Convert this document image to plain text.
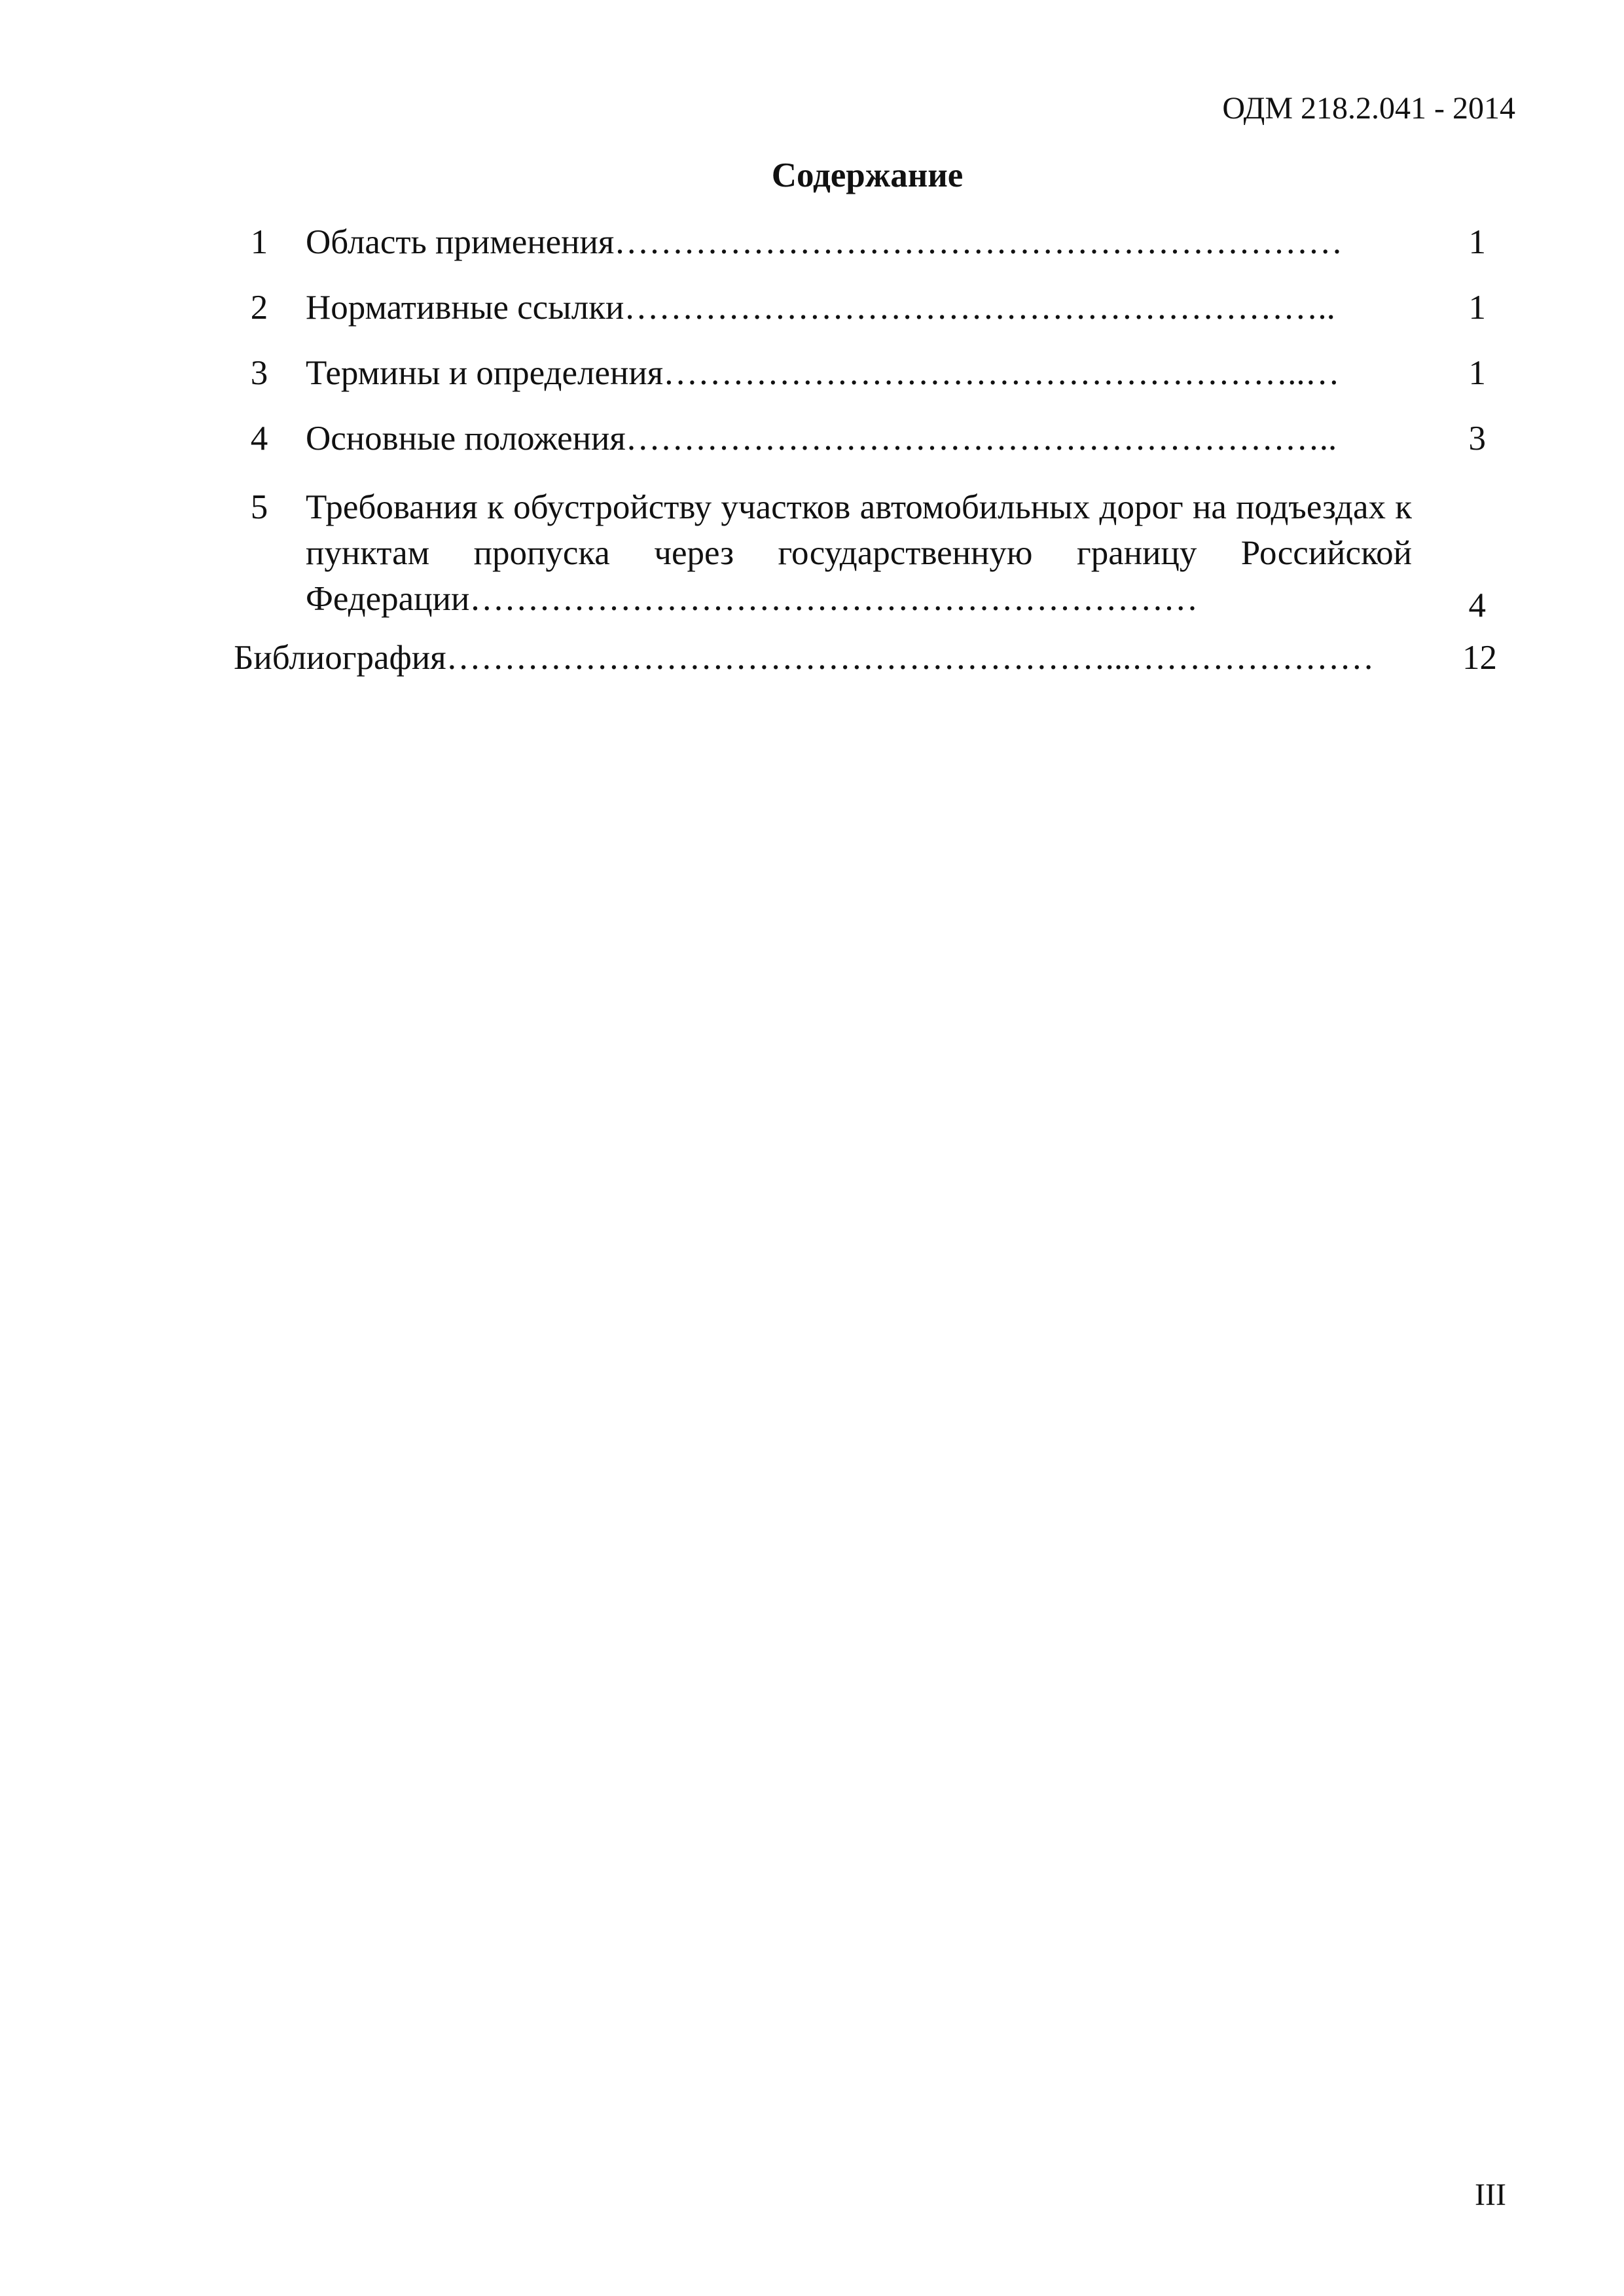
ОДМ 218.2.041 - 2014
Содержание
1 Область применения………………………………………………………	1
2 Нормативные ссылки……………………………………………………..	1
3 Термины и определения………………………………………………..…	1
4 Основные положения……………………………………………………..	3
5 Требования к обустройству участков автомобильных дорог на подъездах к пунктам пропуска через государственную границу Российской Федерации………………………………………………………	4
Библиография…………………………………………………...…………………	12
III
